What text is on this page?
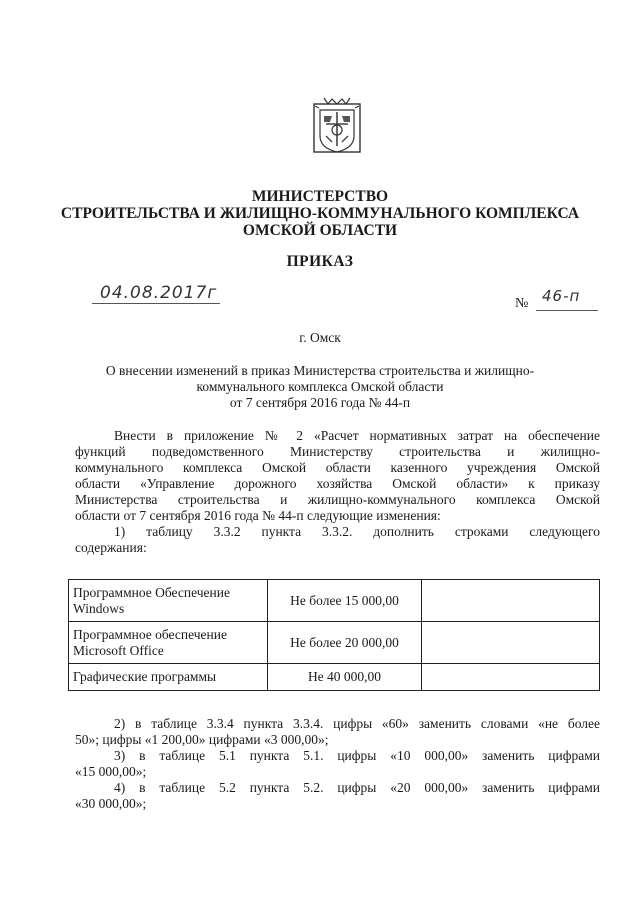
МИНИСТЕРСТВО
СТРОИТЕЛЬСТВА И ЖИЛИЩНО-КОММУНАЛЬНОГО КОМПЛЕКСА
ОМСКОЙ ОБЛАСТИ
ПРИКАЗ
04.08.2017г
№ 46-п
г. Омск
О внесении изменений в приказ Министерства строительства и жилищно-
коммунального комплекса Омской области
от 7 сентября 2016 года № 44-п
Внести в приложение № 2 «Расчет нормативных затрат на обеспечение
функций подведомственного Министерству строительства и жилищно-
коммунального комплекса Омской области казенного учреждения Омской
области «Управление дорожного хозяйства Омской области» к приказу
Министерства строительства и жилищно-коммунального комплекса Омской
области от 7 сентября 2016 года № 44-п следующие изменения:
1) таблицу 3.3.2 пункта 3.3.2. дополнить строками следующего
содержания:
Программное Обеспечение Windows	Не более 15 000,00	
Программное обеспечение Microsoft Office	Не более 20 000,00	
Графические программы	Не 40 000,00	
2) в таблице 3.3.4 пункта 3.3.4. цифры «60» заменить словами «не более
50»; цифры «1 200,00» цифрами «3 000,00»;
3) в таблице 5.1 пункта 5.1. цифры «10 000,00» заменить цифрами
«15 000,00»;
4) в таблице 5.2 пункта 5.2. цифры «20 000,00» заменить цифрами
«30 000,00»;
